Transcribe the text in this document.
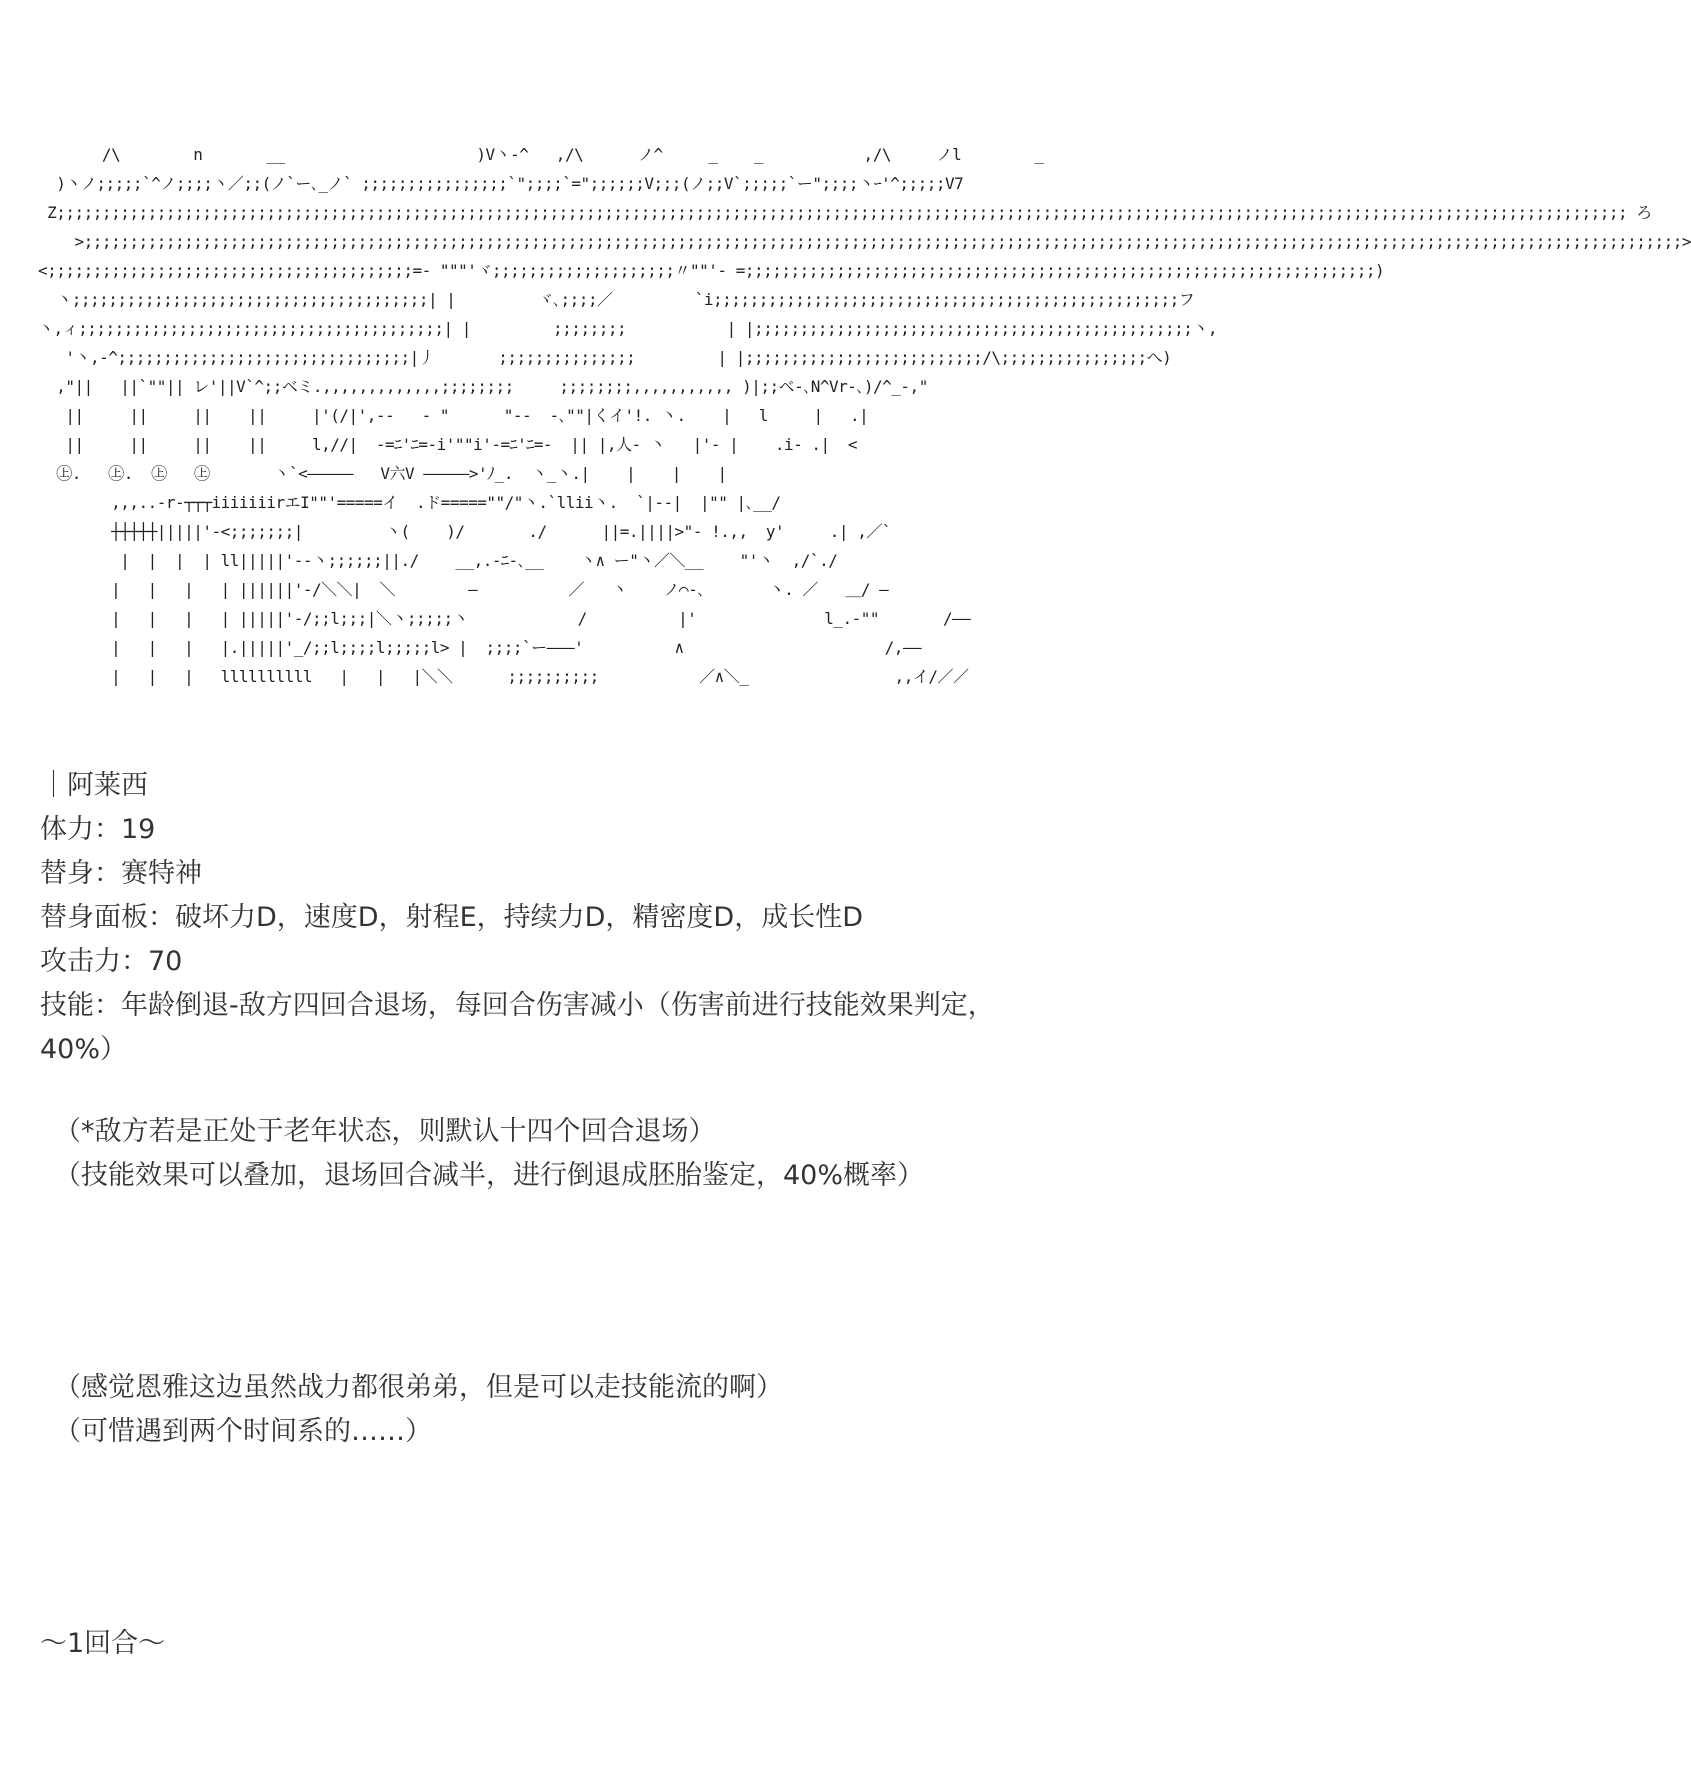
/\        n       __                     )V丶-^   ,/\      ノ^     _    _           ,/\     ノl        _
)丶ノ;;;;;`^ノ;;;;丶／;;(ノ`ー､_ノ` ;;;;;;;;;;;;;;;;`";;;;`=";;;;;;V;;;(ノ;;V`;;;;;`ー";;;;丶ｰ'^;;;;;V7
Z;;;;;;;;;;;;;;;;;;;;;;;;;;;;;;;;;;;;;;;;;;;;;;;;;;;;;;;;;;;;;;;;;;;;;;;;;;;;;;;;;;;;;;;;;;;;;;;;;;;;;;;;;;;;;;;;;;;;;;;;;;;;;;;;;;;;;;;;;;;;;;;;;;;;;;;;;;;;;;;;;;;;;;;;;;;; ろ
>;;;;;;;;;;;;;;;;;;;;;;;;;;;;;;;;;;;;;;;;;;;;;;;;;;;;;;;;;;;;;;;;;;;;;;;;;;;;;;;;;;;;;;;;;;;;;;;;;;;;;;;;;;;;;;;;;;;;;;;;;;;;;;;;;;;;;;;;;;;;;;;;;;;;;;;;;;;;;;;;;;;;;;;;;;;;;;;>
<;;;;;;;;;;;;;;;;;;;;;;;;;;;;;;;;;;;;;;;;=- """'ヾ;;;;;;;;;;;;;;;;;;;;〃""'- =;;;;;;;;;;;;;;;;;;;;;;;;;;;;;;;;;;;;;;;;;;;;;;;;;;;;;;;;;;;;;;;;;;;;;)
丶;;;;;;;;;;;;;;;;;;;;;;;;;;;;;;;;;;;;;;;| |         ヾ､;;;;／         `i;;;;;;;;;;;;;;;;;;;;;;;;;;;;;;;;;;;;;;;;;;;;;;;;;;;フ
丶,ィ;;;;;;;;;;;;;;;;;;;;;;;;;;;;;;;;;;;;;;;;| |         ;;;;;;;;           | |;;;;;;;;;;;;;;;;;;;;;;;;;;;;;;;;;;;;;;;;;;;;;;;;丶,
'丶,-^;;;;;;;;;;;;;;;;;;;;;;;;;;;;;;;;|丿       ;;;;;;;;;;;;;;;         | |;;;;;;;;;;;;;;;;;;;;;;;;;;/\;;;;;;;;;;;;;;;;へ)
,"||   ||`""|| レ'||V`^;;ベミ.,,,,,,,,,,,,,;;;;;;;;     ;;;;;;;;,,,,,,,,,,, )|;;ベ-､N^Vr-､)/^_-,"
||     ||     ||    ||     |'(/|',--   - "      "--  -､""|くイ'!. 丶.    |   l     |   .|
||     ||     ||    ||     l,//|  -=ﾆ'ﾆ=-i'""i'-=ﾆ'ﾆ=-  || |,人- 丶   |'- |    .i- .|  <
㊤.   ㊤.  ㊤   ㊤       丶`<―――――   V六V ―――――>'ﾉ_.  丶_丶.|    |    |    |
,,,..-r-┬┬┬iiiiiiirエI""'=====イ  .ド=====""/"丶.`llii丶.  `|--|  |"" |､__/
┼┼┼┼┼|||||'-<;;;;;;;|         丶(    )/       ./      ||=.||||>"- !.,,  y'     .| ,／`
|  |  |  | ll|||||'--丶;;;;;;||./    __,.-ﾆ-､__    丶∧ ー"丶／＼__    "'丶  ,/`./
|   |   |   | ||||||'-/＼＼|  ＼        ―          ／   丶    ノ⌒-､       丶. ／   ＿/ ―
|   |   |   | |||||'-/;;l;;;|＼丶;;;;;丶            /          |'              l_.-""       /――
|   |   |   |.|||||'_/;;l;;;;l;;;;;l> |  ;;;;`ー―――'          ∧                      /,――
|   |   |   llllllllll   |   |   |＼＼      ;;;;;;;;;;           ／∧＼_                ,,イ/／／
｜阿莱西
体力：19
替身：赛特神
替身面板：破坏力D，速度D，射程E，持续力D，精密度D，成长性D
攻击力：70
技能：年龄倒退-敌方四回合退场，每回合伤害减小（伤害前进行技能效果判定，40%）
（*敌方若是正处于老年状态，则默认十四个回合退场）
（技能效果可以叠加，退场回合减半，进行倒退成胚胎鉴定，40%概率）
（感觉恩雅这边虽然战力都很弟弟，但是可以走技能流的啊）
（可惜遇到两个时间系的……）
～1回合～
